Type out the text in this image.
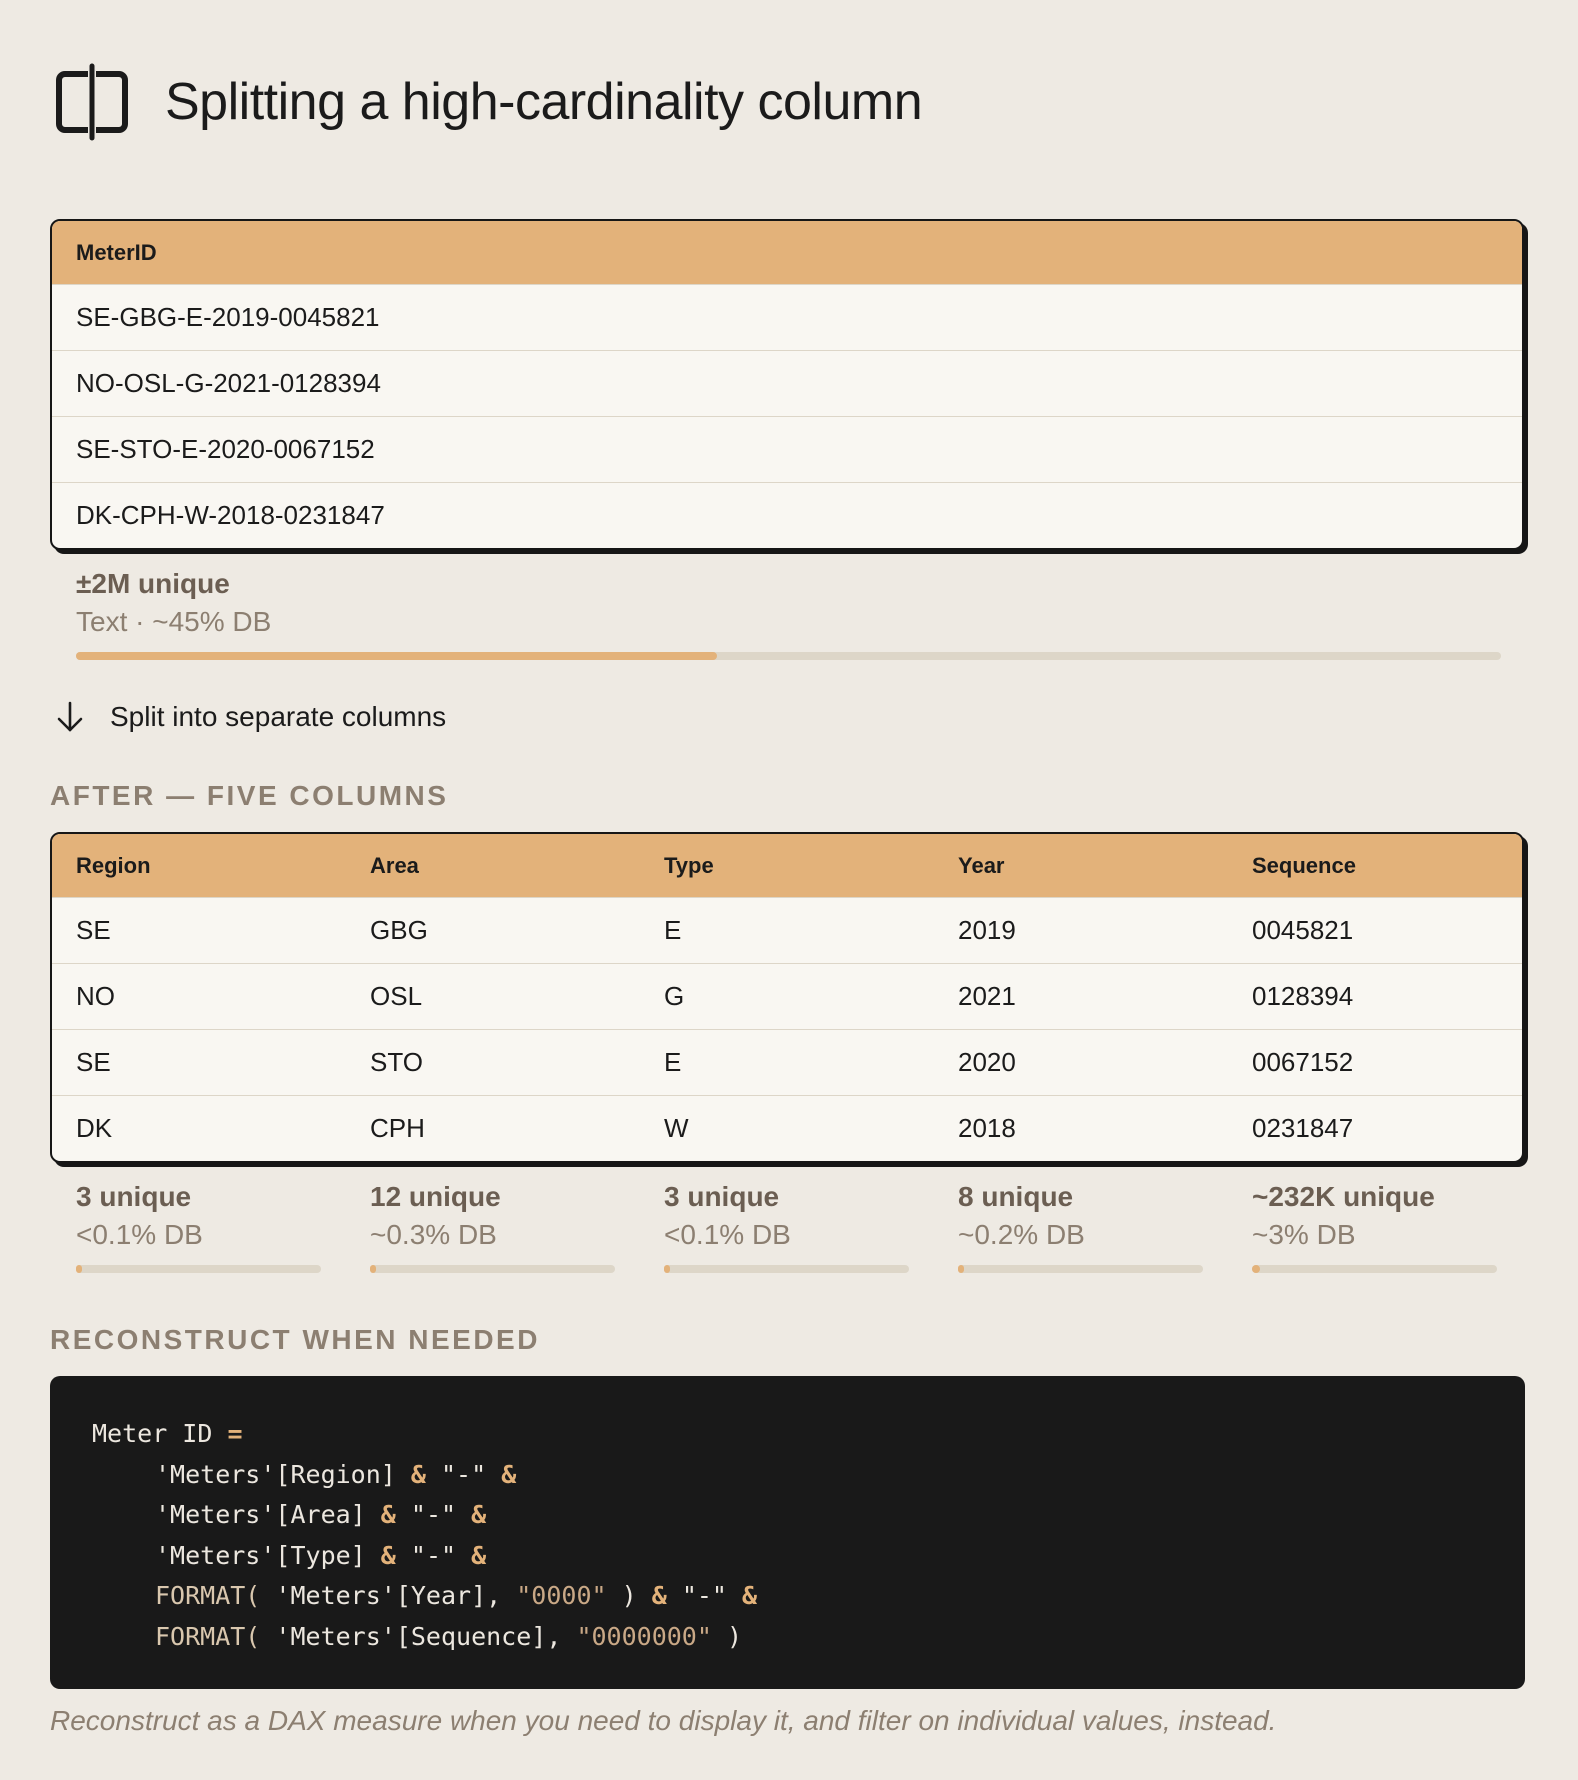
Splitting a high-cardinality column
MeterID
SE-GBG-E-2019-0045821
NO-OSL-G-2021-0128394
SE-STO-E-2020-0067152
DK-CPH-W-2018-0231847
±2M unique
Text · ~45% DB
Split into separate columns
AFTER — FIVE COLUMNS
Region	Area	Type	Year	Sequence
SE	GBG	E	2019	0045821
NO	OSL	G	2021	0128394
SE	STO	E	2020	0067152
DK	CPH	W	2018	0231847
3 unique
<0.1% DB
12 unique
~0.3% DB
3 unique
<0.1% DB
8 unique
~0.2% DB
~232K unique
~3% DB
RECONSTRUCT WHEN NEEDED
Meter ID =
'Meters'[Region] & "-" &
'Meters'[Area] & "-" &
'Meters'[Type] & "-" &
FORMAT( 'Meters'[Year], "0000" ) & "-" &
FORMAT( 'Meters'[Sequence], "0000000" )
Reconstruct as a DAX measure when you need to display it, and filter on individual values, instead.
